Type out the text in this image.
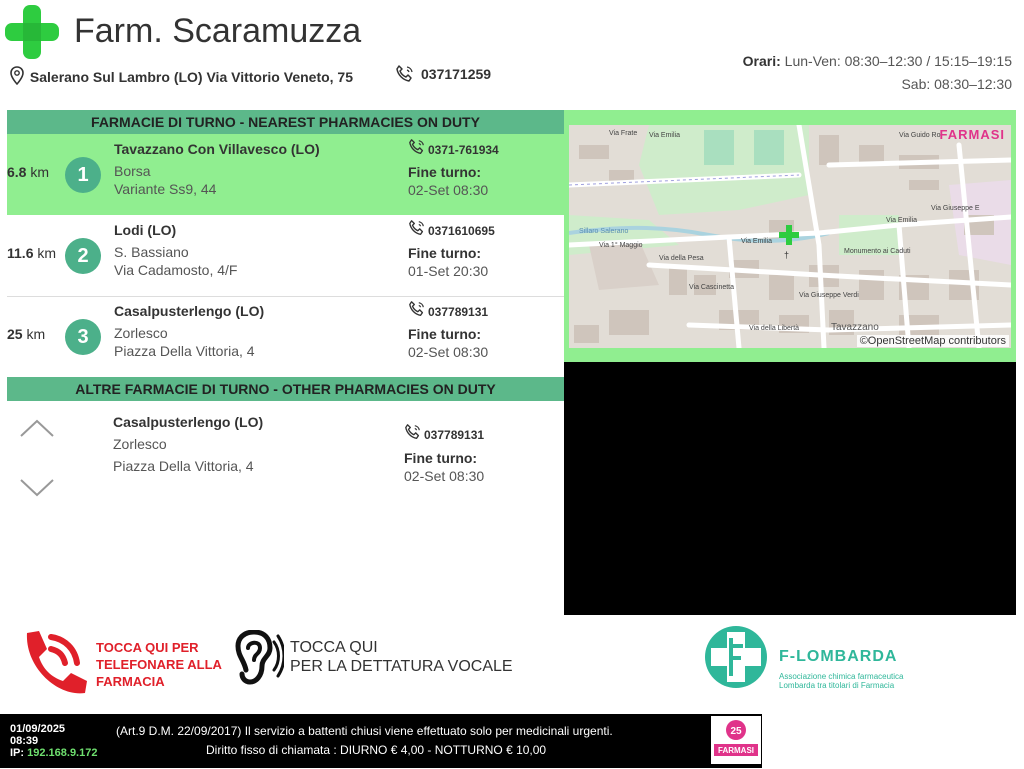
Farm. Scaramuzza
Salerano Sul Lambro (LO) Via Vittorio Veneto, 75	037171259
Orari: Lun-Ven: 08:30–12:30 / 15:15–19:15
Sab: 08:30–12:30
FARMACIE DI TURNO - NEAREST PHARMACIES ON DUTY
6.8 km	1
Tavazzano Con Villavesco (LO)
Borsa
Variante Ss9, 44
0371-761934
Fine turno:
02-Set 08:30
11.6 km	2
Lodi (LO)
S. Bassiano
Via Cadamosto, 4/F
0371610695
Fine turno:
01-Set 20:30
25 km	3
Casalpusterlengo (LO)
Zorlesco
Piazza Della Vittoria, 4
037789131
Fine turno:
02-Set 08:30
ALTRE FARMACIE DI TURNO - OTHER PHARMACIES ON DUTY
Casalpusterlengo (LO)
Zorlesco
Piazza Della Vittoria, 4
037789131
Fine turno:
02-Set 08:30
†
Via Emilia
Via Emilia
Via della Pesa
Via Cascinetta
Via Giuseppe Verdi
Via della Libertà
Sillaro Salerano
Via 1° Maggio
Monumento ai Caduti
Tavazzano
Via Giuseppe E
Via Guido Ro
Via Frate Via Emilia	FARMASI
©OpenStreetMap contributors
TOCCA QUI PER
TELEFONARE ALLA
FARMACIA
TOCCA QUI
PER LA DETTATURA VOCALE
F-LOMBARDA
Associazione chimica farmaceutica
Lombarda tra titolari di Farmacia
01/09/2025
08:39
IP: 192.168.9.172
(Art.9 D.M. 22/09/2017) Il servizio a battenti chiusi viene effettuato solo per medicinali urgenti.
Diritto fisso di chiamata : DIURNO € 4,00 - NOTTURNO € 10,00
25
FARMASI
